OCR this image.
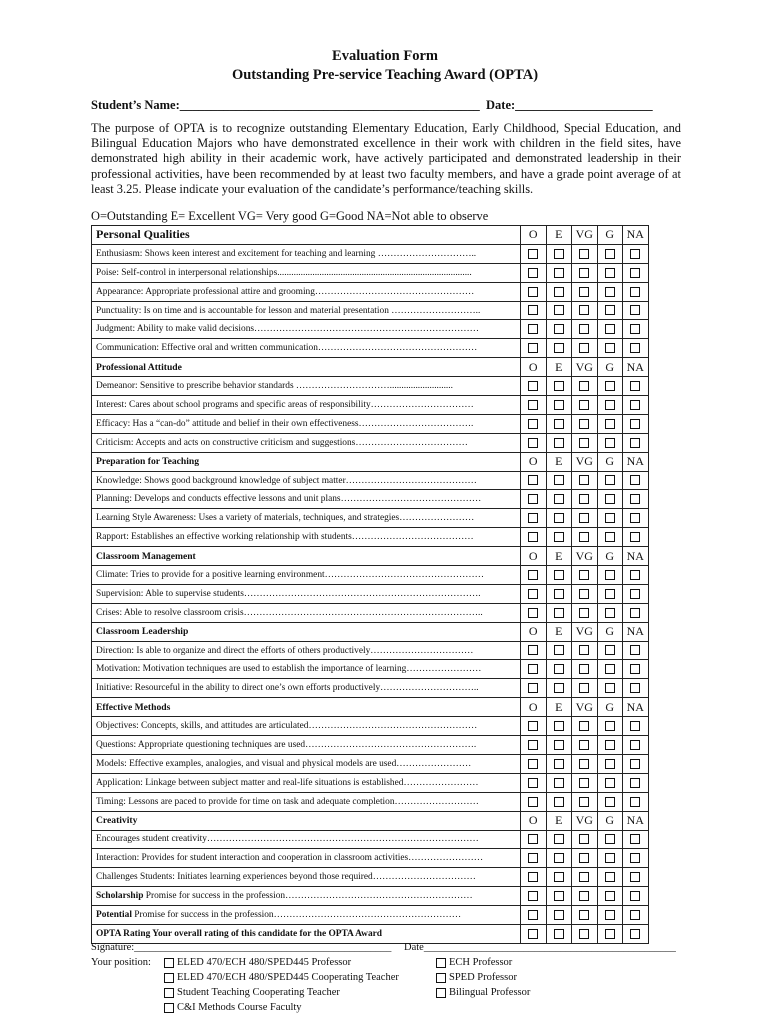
Evaluation Form
Outstanding Pre-service Teaching Award (OPTA)
Student’s Name:________________________________________________ Date:______________________
The purpose of OPTA is to recognize outstanding Elementary Education, Early Childhood, Special Education, and Bilingual Education Majors who have demonstrated excellence in their work with children in the field sites, have demonstrated high ability in their academic work, have actively participated and demonstrated leadership in their professional activities, have been recommended by at least two faculty members, and have a grade point average of at least 3.25. Please indicate your evaluation of the candidate’s performance/teaching skills.
O=Outstanding E= Excellent VG= Very good G=Good NA=Not able to observe
Personal Qualities	O	E	VG	G	NA
Enthusiasm: Shows keen interest and excitement for teaching and learning …………………………..					
Poise: Self-control in interpersonal relationships...................................................................................					
Appearance: Appropriate professional attire and grooming……………………………………………					
Punctuality: Is on time and is accountable for lesson and material presentation ………………………..					
Judgment: Ability to make valid decisions………………………………………………………………					
Communication: Effective oral and written communication……………………………………………					
Professional Attitude	O	E	VG	G	NA
Demeanor: Sensitive to prescribe behavior standards …………………………...........................					
Interest: Cares about school programs and specific areas of responsibility……………………………					
Efficacy: Has a “can-do” attitude and belief in their own effectiveness……………………………….					
Criticism: Accepts and acts on constructive criticism and suggestions………………………………					
Preparation for Teaching	O	E	VG	G	NA
Knowledge: Shows good background knowledge of subject matter……………………………………					
Planning: Develops and conducts effective lessons and unit plans………………………………………					
Learning Style Awareness: Uses a variety of materials, techniques, and strategies……………………					
Rapport: Establishes an effective working relationship with students…………………………………					
Classroom Management	O	E	VG	G	NA
Climate: Tries to provide for a positive learning environment……………………………………………					
Supervision: Able to supervise students………………………………………………………………….					
Crises: Able to resolve classroom crisis…………………………………………………………………..					
Classroom Leadership	O	E	VG	G	NA
Direction: Is able to organize and direct the efforts of others productively……………………………					
Motivation: Motivation techniques are used to establish the importance of learning……………………					
Initiative: Resourceful in the ability to direct one’s own efforts productively…………………………..					
Effective Methods	O	E	VG	G	NA
Objectives: Concepts, skills, and attitudes are articulated………………………………………………					
Questions: Appropriate questioning techniques are used……………………………………………….					
Models: Effective examples, analogies, and visual and physical models are used……………………					
Application: Linkage between subject matter and real-life situations is established……………………					
Timing: Lessons are paced to provide for time on task and adequate completion………………………					
Creativity	O	E	VG	G	NA
Encourages student creativity……………………………………………………………………………					
Interaction: Provides for student interaction and cooperation in classroom activities……………………					
Challenges Students: Initiates learning experiences beyond those required……………………………					
Scholarship Promise for success in the profession……………………………………………………					
Potential Promise for success in the profession……………………………………………………					
OPTA Rating Your overall rating of this candidate for the OPTA Award					
Signature:_________________________________________________ Date________________________________________________
Your position:	ELED 470/ECH 480/SPED445 Professor
ELED 470/ECH 480/SPED445 Cooperating Teacher
Student Teaching Cooperating Teacher
C&I Methods Course Faculty
ECH Professor
SPED Professor
Bilingual Professor
